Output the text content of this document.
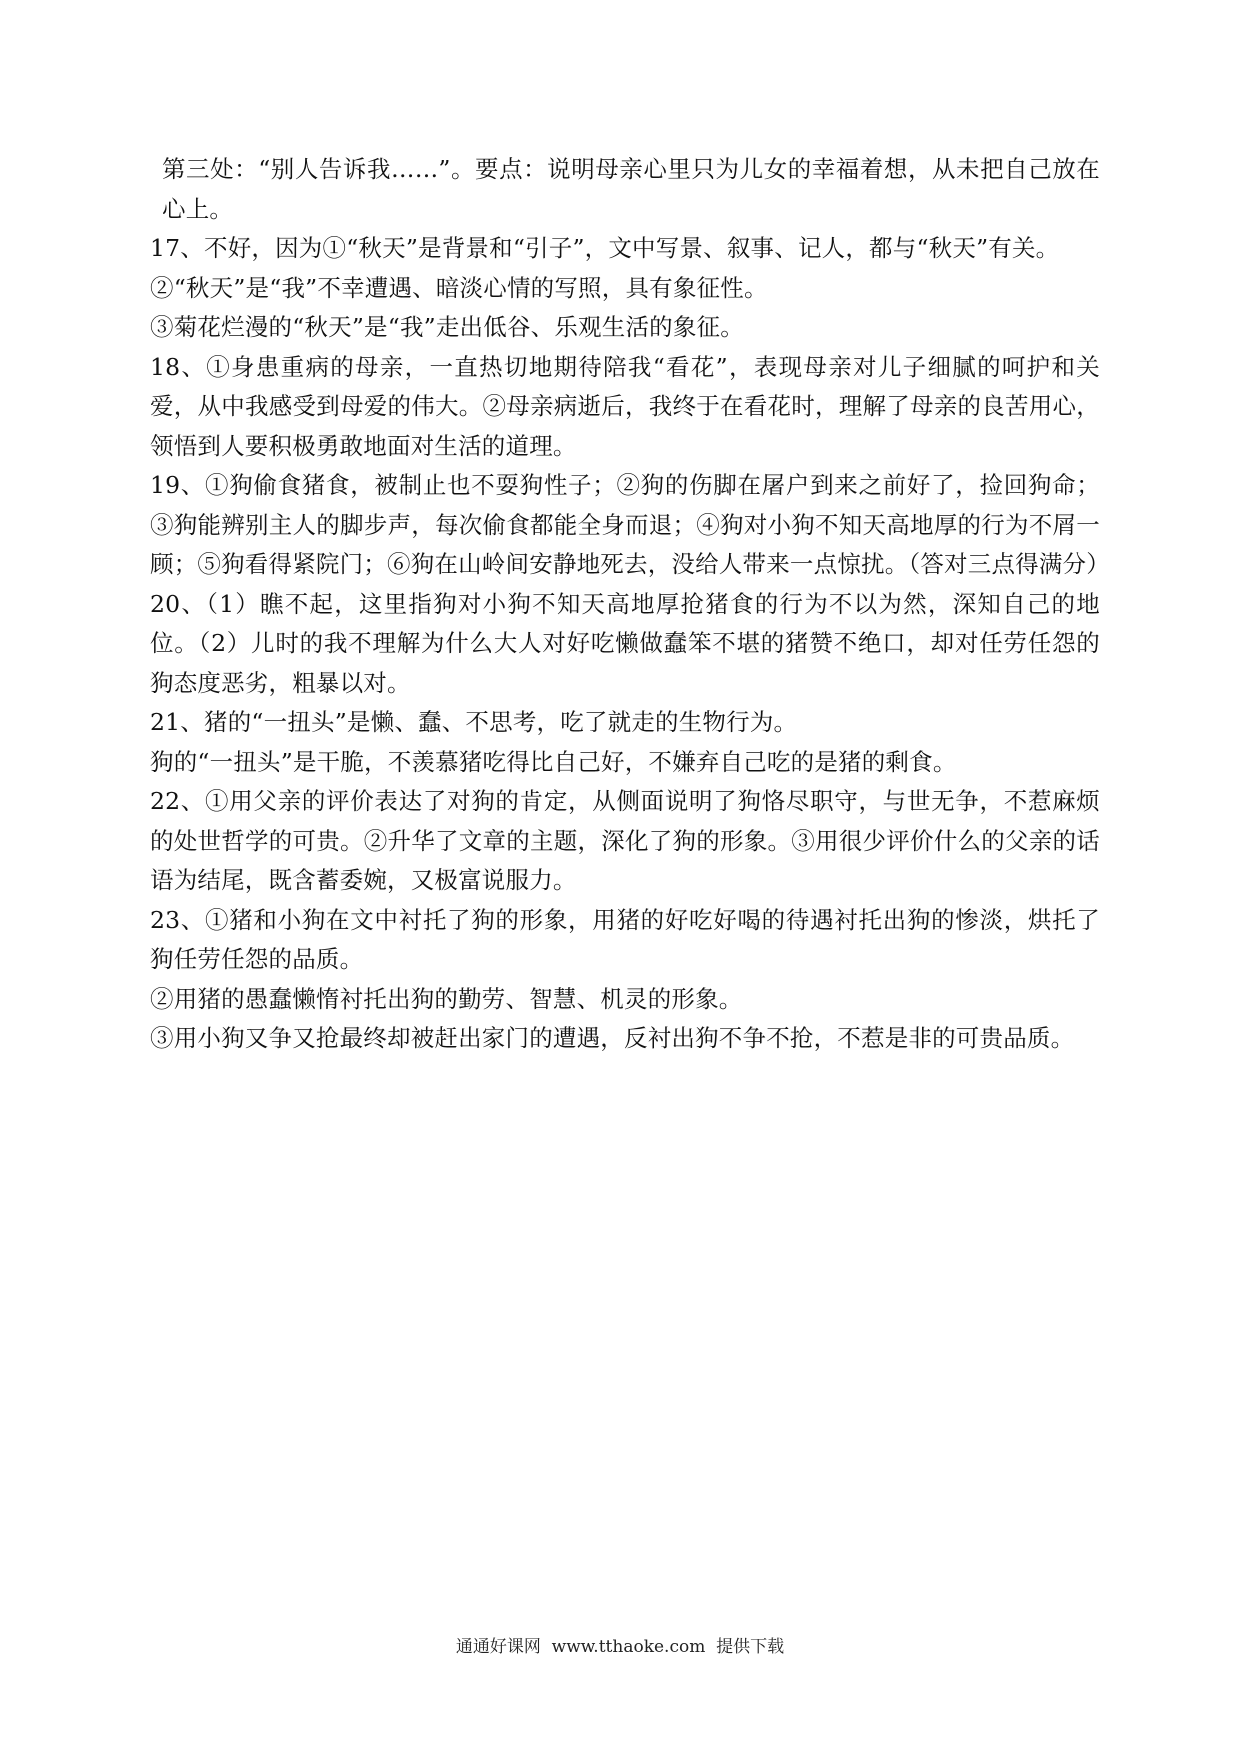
第三处：“别人告诉我……”。要点：说明母亲心里只为儿女的幸福着想，从未把自己放在心上。

17、不好，因为①“秋天”是背景和“引子”，文中写景、叙事、记人，都与“秋天”有关。

②“秋天”是“我”不幸遭遇、暗淡心情的写照，具有象征性。

③菊花烂漫的“秋天”是“我”走出低谷、乐观生活的象征。

18、①身患重病的母亲，一直热切地期待陪我“看花”，表现母亲对儿子细腻的呵护和关爱，从中我感受到母爱的伟大。②母亲病逝后，我终于在看花时，理解了母亲的良苦用心，领悟到人要积极勇敢地面对生活的道理。

19、①狗偷食猪食，被制止也不耍狗性子；②狗的伤脚在屠户到来之前好了，捡回狗命；③狗能辨别主人的脚步声，每次偷食都能全身而退；④狗对小狗不知天高地厚的行为不屑一顾；⑤狗看得紧院门；⑥狗在山岭间安静地死去，没给人带来一点惊扰。（答对三点得满分）

20、（1）瞧不起，这里指狗对小狗不知天高地厚抢猪食的行为不以为然，深知自己的地位。（2）儿时的我不理解为什么大人对好吃懒做蠢笨不堪的猪赞不绝口，却对任劳任怨的狗态度恶劣，粗暴以对。

21、猪的“一扭头”是懒、蠢、不思考，吃了就走的生物行为。

狗的“一扭头”是干脆，不羡慕猪吃得比自己好，不嫌弃自己吃的是猪的剩食。

22、①用父亲的评价表达了对狗的肯定，从侧面说明了狗恪尽职守，与世无争，不惹麻烦的处世哲学的可贵。②升华了文章的主题，深化了狗的形象。③用很少评价什么的父亲的话语为结尾，既含蓄委婉，又极富说服力。

23、①猪和小狗在文中衬托了狗的形象，用猪的好吃好喝的待遇衬托出狗的惨淡，烘托了狗任劳任怨的品质。

②用猪的愚蠢懒惰衬托出狗的勤劳、智慧、机灵的形象。

③用小狗又争又抢最终却被赶出家门的遭遇，反衬出狗不争不抢，不惹是非的可贵品质。

通通好课网  www.tthaoke.com  提供下载
